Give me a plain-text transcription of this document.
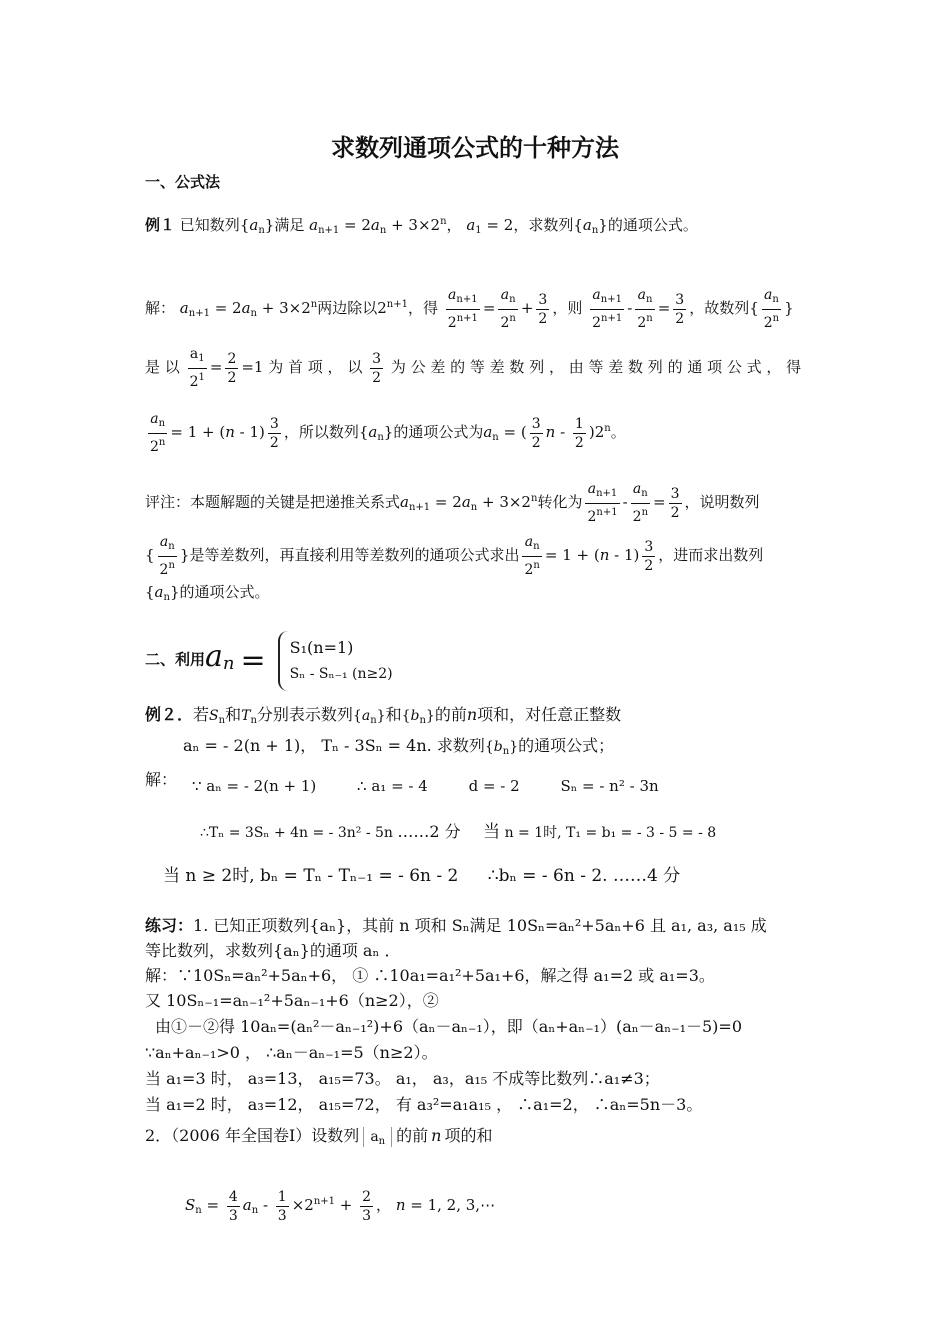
求数列通项公式的十种方法
一、公式法
例１ 已知数列$\{a_n\}$满足 $a_{n+1} = 2a_n + 3\times 2^n$， $a_1 = 2$，求数列$\{a_n\}$的通项公式。
解： $a_{n+1} = 2a_n + 3\times 2^n$两边除以$2^{n+1}$，得 $\frac{a_{n+1}}{2^{n+1}} = \frac{a_n}{2^n} + \frac{3}{2}$ ，则 $\frac{a_{n+1}}{2^{n+1}} - \frac{a_n}{2^n} = \frac{3}{2}$ ，故数列{ $\frac{a_n}{2^n}$ }
是 以 $\frac{a_1}{2^1} = \frac{2}{2} =1$ 为 首 项 ， 以 $\frac{3}{2}$ 为 公 差 的 等 差 数 列 ， 由 等 差 数 列 的 通 项 公 式 ， 得
$\frac{a_n}{2^n} = 1 + (n - 1) \frac{3}{2}$ ，所以数列$\{a_n\}$的通项公式为$a_n$ = ( $\frac{3}{2}$ n - $\frac{1}{2} )2^n$。
评注：本题解题的关键是把递推关系式$a_{n+1} = 2a_n + 3\times 2^n$转化为 $\frac{a_{n+1}}{2^{n+1}} - \frac{a_n}{2^n} = \frac{3}{2}$ ，说明数列
{ $\frac{a_n}{2^n}$ }是等差数列，再直接利用等差数列的通项公式求出 $\frac{a_n}{2^n} = 1 + (n - 1) \frac{3}{2}$ ，进而求出数列
$\{a_n\}$的通项公式。
二、利用$a_n = S_1(n=1)$
Sₙ - Sₙ₋₁ (n≥2)
例２．若$S_n$和$T_n$分别表示数列$\{a_n\}$和$\{b_n\}$的前n项和，对任意正整数
aₙ = - 2(n + 1)， Tₙ - 3Sₙ = 4n. 求数列$\{b_n\}$的通项公式；
解： ∵ aₙ = - 2(n + 1)	∴ a₁ = - 4	d = - 2	Sₙ = - n² - 3n
∴Tₙ = 3Sₙ + 4n = - 3n² - 5n ……2 分 当 n = 1时, T₁ = b₁ = - 3 - 5 = - 8
当 n ≥ 2时, bₙ = Tₙ - Tₙ₋₁ = - 6n - 2 ∴bₙ = - 6n - 2. ……4 分
练习：1. 已知正项数列{aₙ}，其前 n 项和 Sₙ满足 10Sₙ=aₙ²+5aₙ+6 且 a₁, a₃, a₁₅ 成
等比数列，求数列{aₙ}的通项 aₙ ．
解：∵10Sₙ=aₙ²+5aₙ+6， ① ∴10a₁=a₁²+5a₁+6，解之得 a₁=2 或 a₁=3。
又 10Sₙ₋₁=aₙ₋₁²+5aₙ₋₁+6（n≥2），②
由①－②得 10aₙ=(aₙ²－aₙ₋₁²)+6（aₙ－aₙ₋₁），即（aₙ+aₙ₋₁）(aₙ－aₙ₋₁－5)=0
∵aₙ+aₙ₋₁>0 ， ∴aₙ－aₙ₋₁=5（n≥2）。
当 a₁=3 时， a₃=13， a₁₅=73。 a₁， a₃，a₁₅ 不成等比数列∴a₁≠3；
当 a₁=2 时， a₃=12， a₁₅=72， 有 a₃²=a₁a₁₅ ， ∴a₁=2， ∴aₙ=5n－3。
2．（2006 年全国卷Ⅰ）设数列 $a_n$ 的前 n 项的和
$S_n = \frac{4}{3} a_n - \frac{1}{3} \times 2^{n+1} + \frac{2}{3}$ ， n = 1, 2, 3,⋯
